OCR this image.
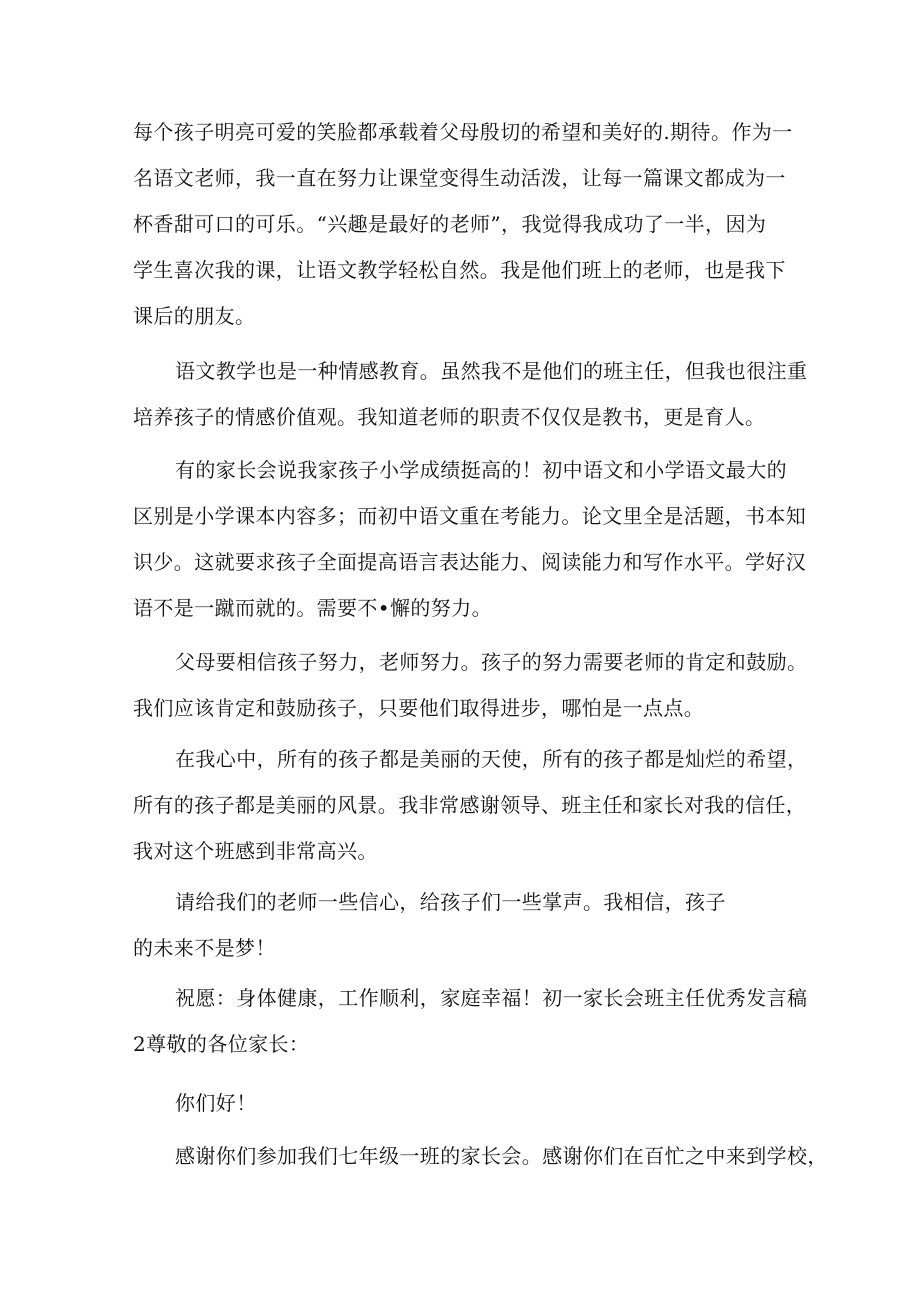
每个孩子明亮可爱的笑脸都承载着父母殷切的希望和美好的.期待。作为一
名语文老师，我一直在努力让课堂变得生动活泼，让每一篇课文都成为一
杯香甜可口的可乐。“兴趣是最好的老师”，我觉得我成功了一半，因为
学生喜次我的课，让语文教学轻松自然。我是他们班上的老师，也是我下
课后的朋友。
语文教学也是一种情感教育。虽然我不是他们的班主任，但我也很注重
培养孩子的情感价值观。我知道老师的职责不仅仅是教书，更是育人。
有的家长会说我家孩子小学成绩挺高的！初中语文和小学语文最大的
区别是小学课本内容多；而初中语文重在考能力。论文里全是活题，书本知
识少。这就要求孩子全面提高语言表达能力、阅读能力和写作水平。学好汉
语不是一蹴而就的。需要不•懈的努力。
父母要相信孩子努力，老师努力。孩子的努力需要老师的肯定和鼓励。
我们应该肯定和鼓励孩子，只要他们取得进步，哪怕是一点点。
在我心中，所有的孩子都是美丽的天使，所有的孩子都是灿烂的希望，
所有的孩子都是美丽的风景。我非常感谢领导、班主任和家长对我的信任，
我对这个班感到非常高兴。
请给我们的老师一些信心，给孩子们一些掌声。我相信，孩子
的未来不是梦！
祝愿：身体健康，工作顺利，家庭幸福！初一家长会班主任优秀发言稿
2尊敬的各位家长：
你们好！
感谢你们参加我们七年级一班的家长会。感谢你们在百忙之中来到学校，
